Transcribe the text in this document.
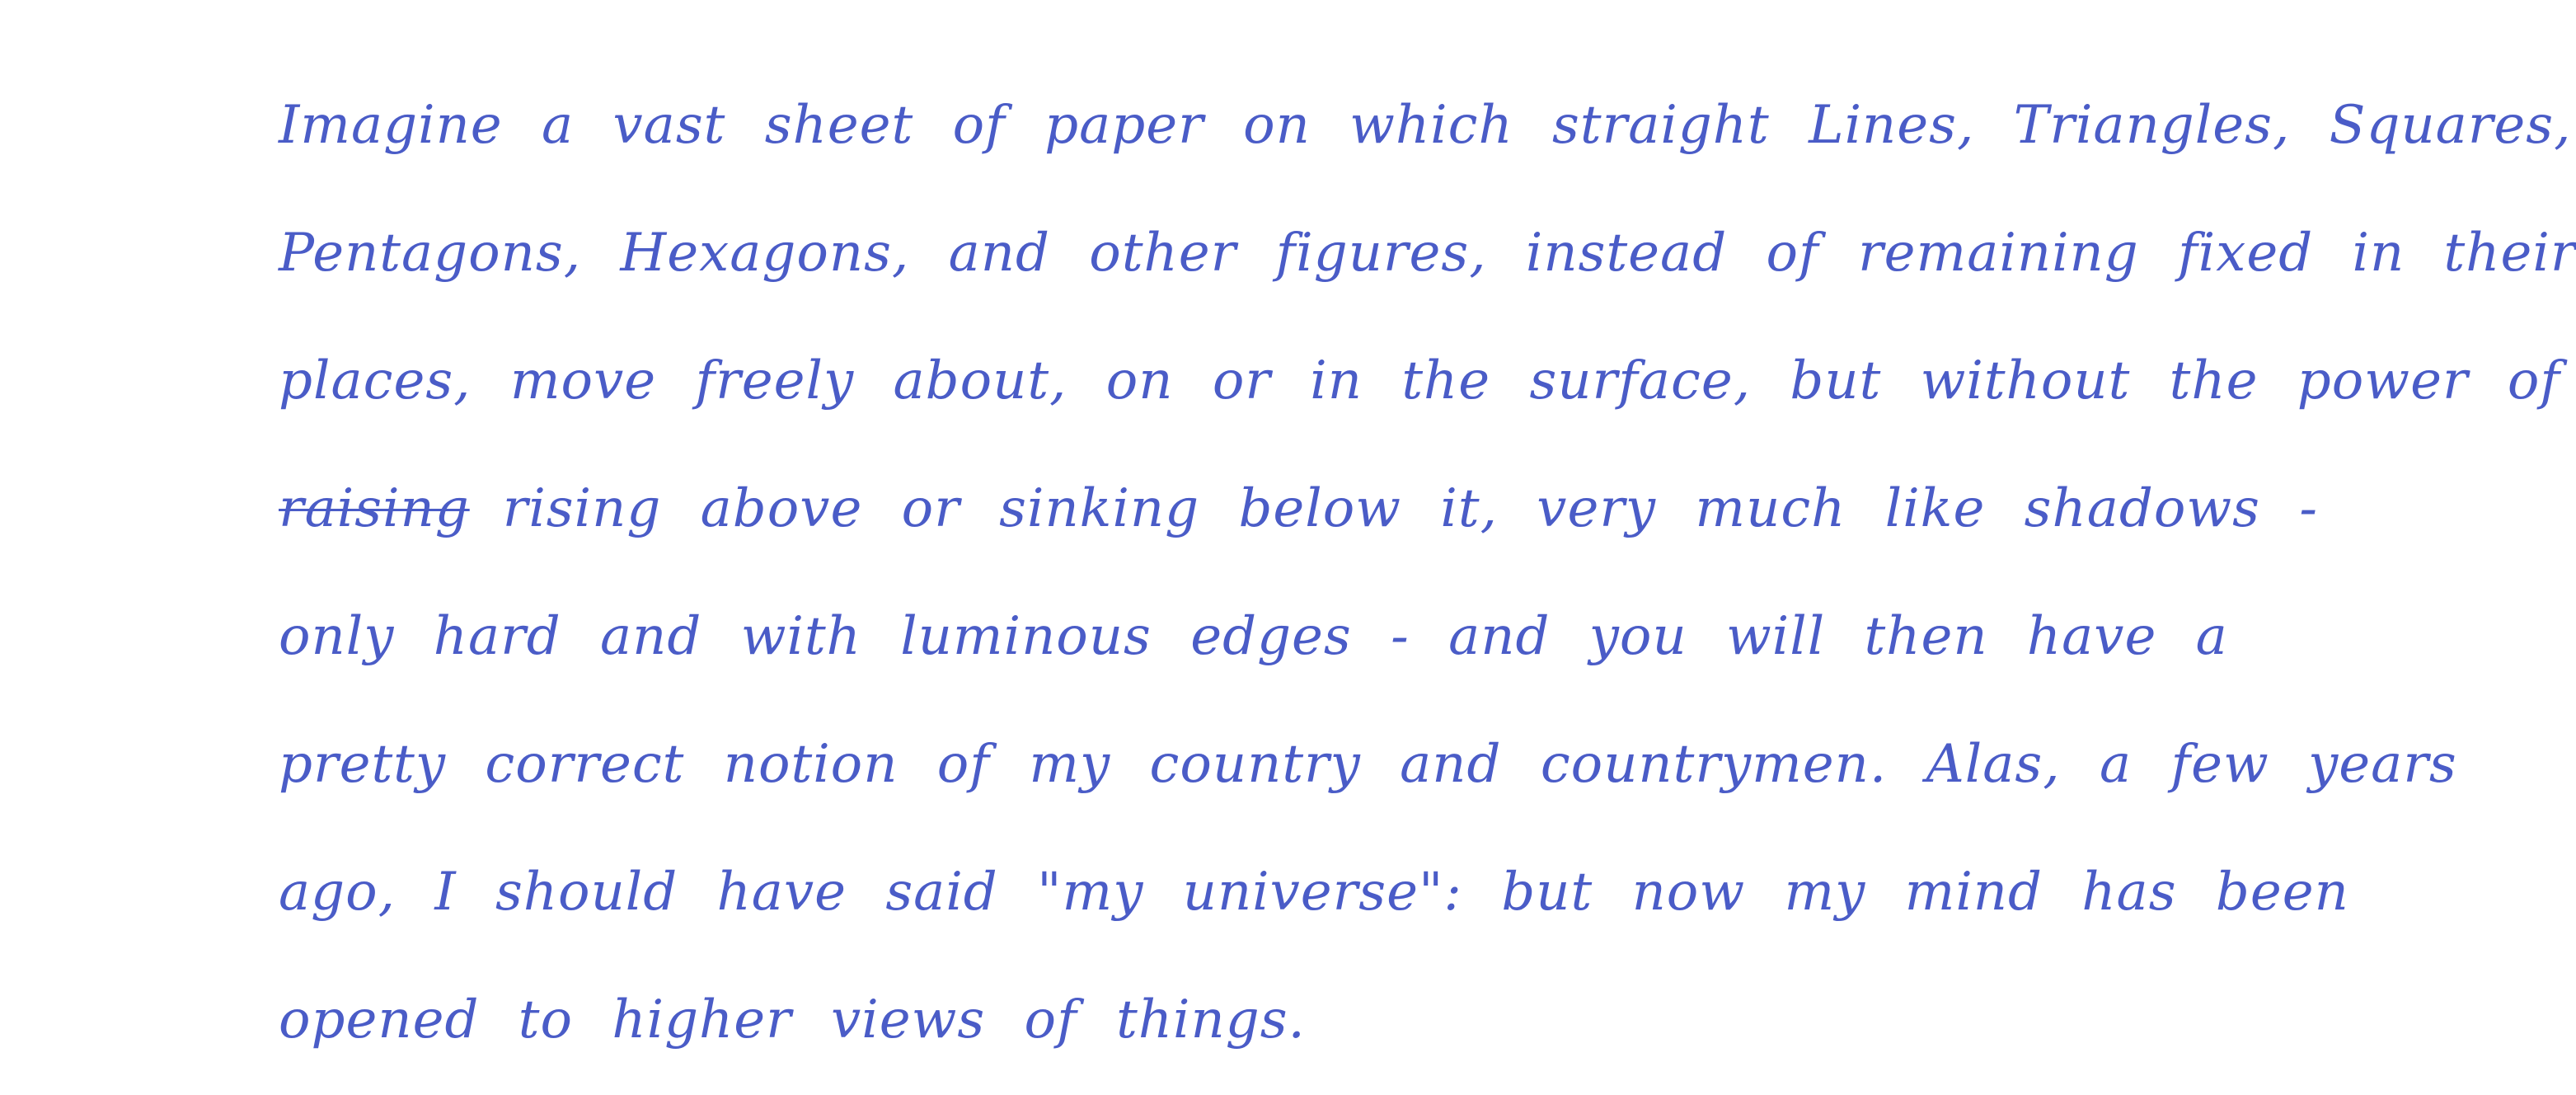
Imagine a vast sheet of paper on which straight Lines, Triangles, Squares,
Pentagons, Hexagons, and other figures, instead of remaining fixed in their
places, move freely about, on or in the surface, but without the power of
raising rising above or sinking below it, very much like shadows -
only hard and with luminous edges - and you will then have a
pretty correct notion of my country and countrymen. Alas, a few years
ago, I should have said "my universe": but now my mind has been
opened to higher views of things.
